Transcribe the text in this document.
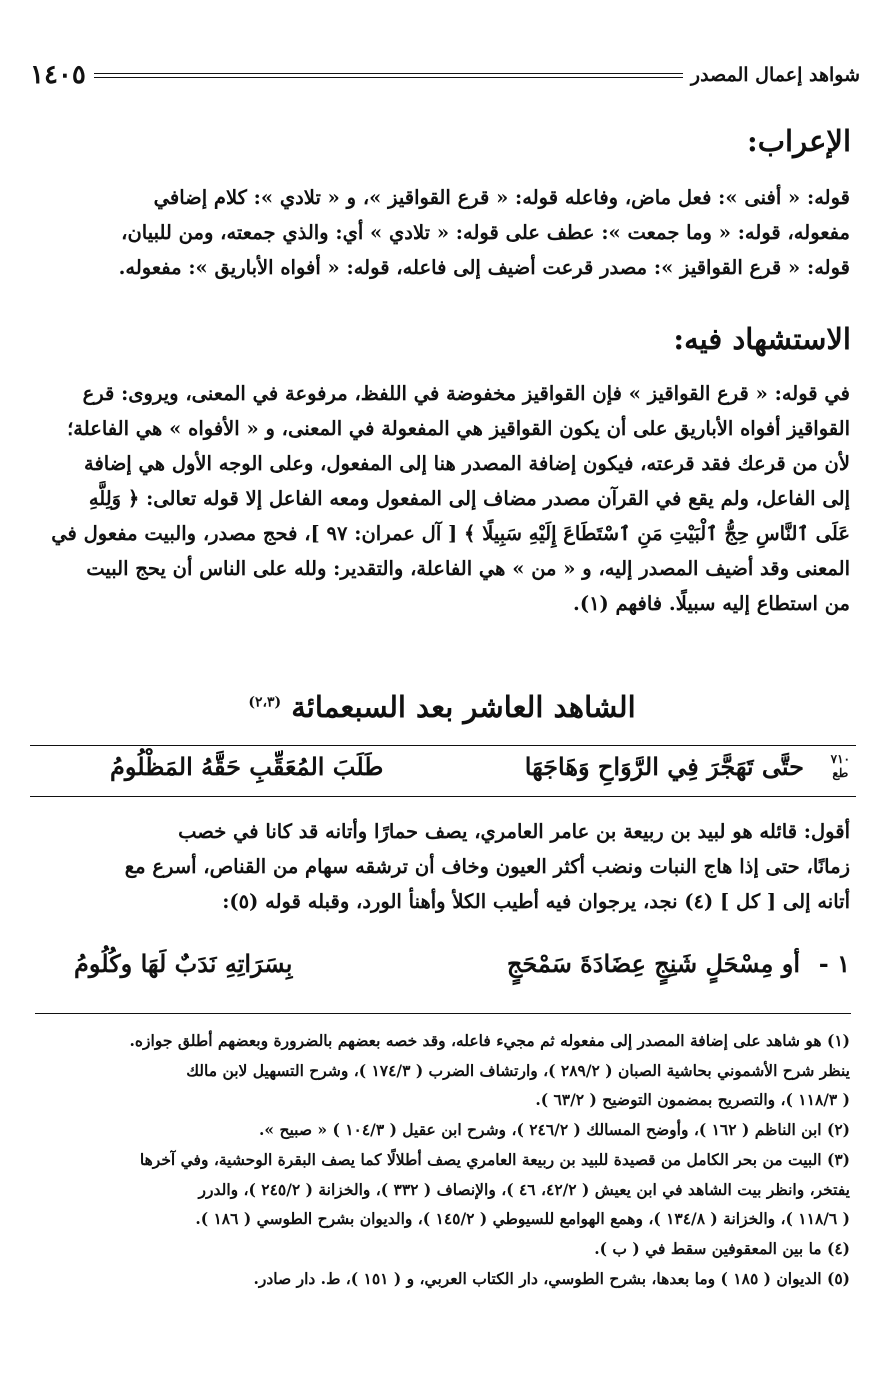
شواهد إعمال المصدر
١٤٠٥
الإعراب:
قوله: « أفنى »: فعل ماض، وفاعله قوله: « قرع القواقيز »، و « تلادي »: كلام إضافي
مفعوله، قوله: « وما جمعت »: عطف على قوله: « تلادي » أي: والذي جمعته، ومن للبيان،
قوله: « قرع القواقيز »: مصدر قرعت أضيف إلى فاعله، قوله: « أفواه الأباريق »: مفعوله.
الاستشهاد فيه:
في قوله: « قرع القواقيز » فإن القواقيز مخفوضة في اللفظ، مرفوعة في المعنى، ويروى: قرع
القواقيز أفواه الأباريق على أن يكون القواقيز هي المفعولة في المعنى، و « الأفواه » هي الفاعلة؛
لأن من قرعك فقد قرعته، فيكون إضافة المصدر هنا إلى المفعول، وعلى الوجه الأول هي إضافة
إلى الفاعل، ولم يقع في القرآن مصدر مضاف إلى المفعول ومعه الفاعل إلا قوله تعالى: ﴿ وَلِلَّهِ
عَلَى ٱلنَّاسِ حِجُّ ٱلْبَيْتِ مَنِ ٱسْتَطَاعَ إِلَيْهِ سَبِيلًا ﴾ [ آل عمران: ٩٧ ]، فحج مصدر، والبيت مفعول في
المعنى وقد أضيف المصدر إليه، و « من » هي الفاعلة، والتقدير: ولله على الناس أن يحج البيت
من استطاع إليه سبيلًا. فافهم (١).
الشاهد العاشر بعد السبعمائة $^{(٢،٣)}$
٧١٠
طع
حتَّى تَهَجَّرَ فِي الرَّوَاحِ وَهَاجَهَا
طَلَبَ المُعَقِّبِ حَقَّهُ المَظْلُومُ
أقول: قائله هو لبيد بن ربيعة بن عامر العامري، يصف حمارًا وأتانه قد كانا في خصب
زمانًا، حتى إذا هاج النبات ونضب أكثر العيون وخاف أن ترشقه سهام من القناص، أسرع مع
أتانه إلى [ كل ] (٤) نجد، يرجوان فيه أطيب الكلأ وأهنأ الورد، وقبله قوله (٥):
١ -
أو مِسْحَلٍ شَنِجٍ عِضَادَةَ سَمْحَجٍ
بِسَرَاتِهِ نَدَبٌ لَهَا وكُلُومُ
(١) هو شاهد على إضافة المصدر إلى مفعوله ثم مجيء فاعله، وقد خصه بعضهم بالضرورة وبعضهم أطلق جوازه.
ينظر شرح الأشموني بحاشية الصبان ( ٢٨٩/٢ )، وارتشاف الضرب ( ١٧٤/٣ )، وشرح التسهيل لابن مالك
( ١١٨/٣ )، والتصريح بمضمون التوضيح ( ٦٣/٢ ).
(٢) ابن الناظم ( ١٦٢ )، وأوضح المسالك ( ٢٤٦/٢ )، وشرح ابن عقيل ( ١٠٤/٣ ) « صبيح ».
(٣) البيت من بحر الكامل من قصيدة للبيد بن ربيعة العامري يصف أطلالًا كما يصف البقرة الوحشية، وفي آخرها
يفتخر، وانظر بيت الشاهد في ابن يعيش ( ٤٢/٢، ٤٦ )، والإنصاف ( ٣٣٢ )، والخزانة ( ٢٤٥/٢ )، والدرر
( ١١٨/٦ )، والخزانة ( ١٣٤/٨ )، وهمع الهوامع للسيوطي ( ١٤٥/٢ )، والديوان بشرح الطوسي ( ١٨٦ ).
(٤) ما بين المعقوفين سقط في ( ب ).
(٥) الديوان ( ١٨٥ ) وما بعدها، بشرح الطوسي، دار الكتاب العربي، و ( ١٥١ )، ط. دار صادر.
